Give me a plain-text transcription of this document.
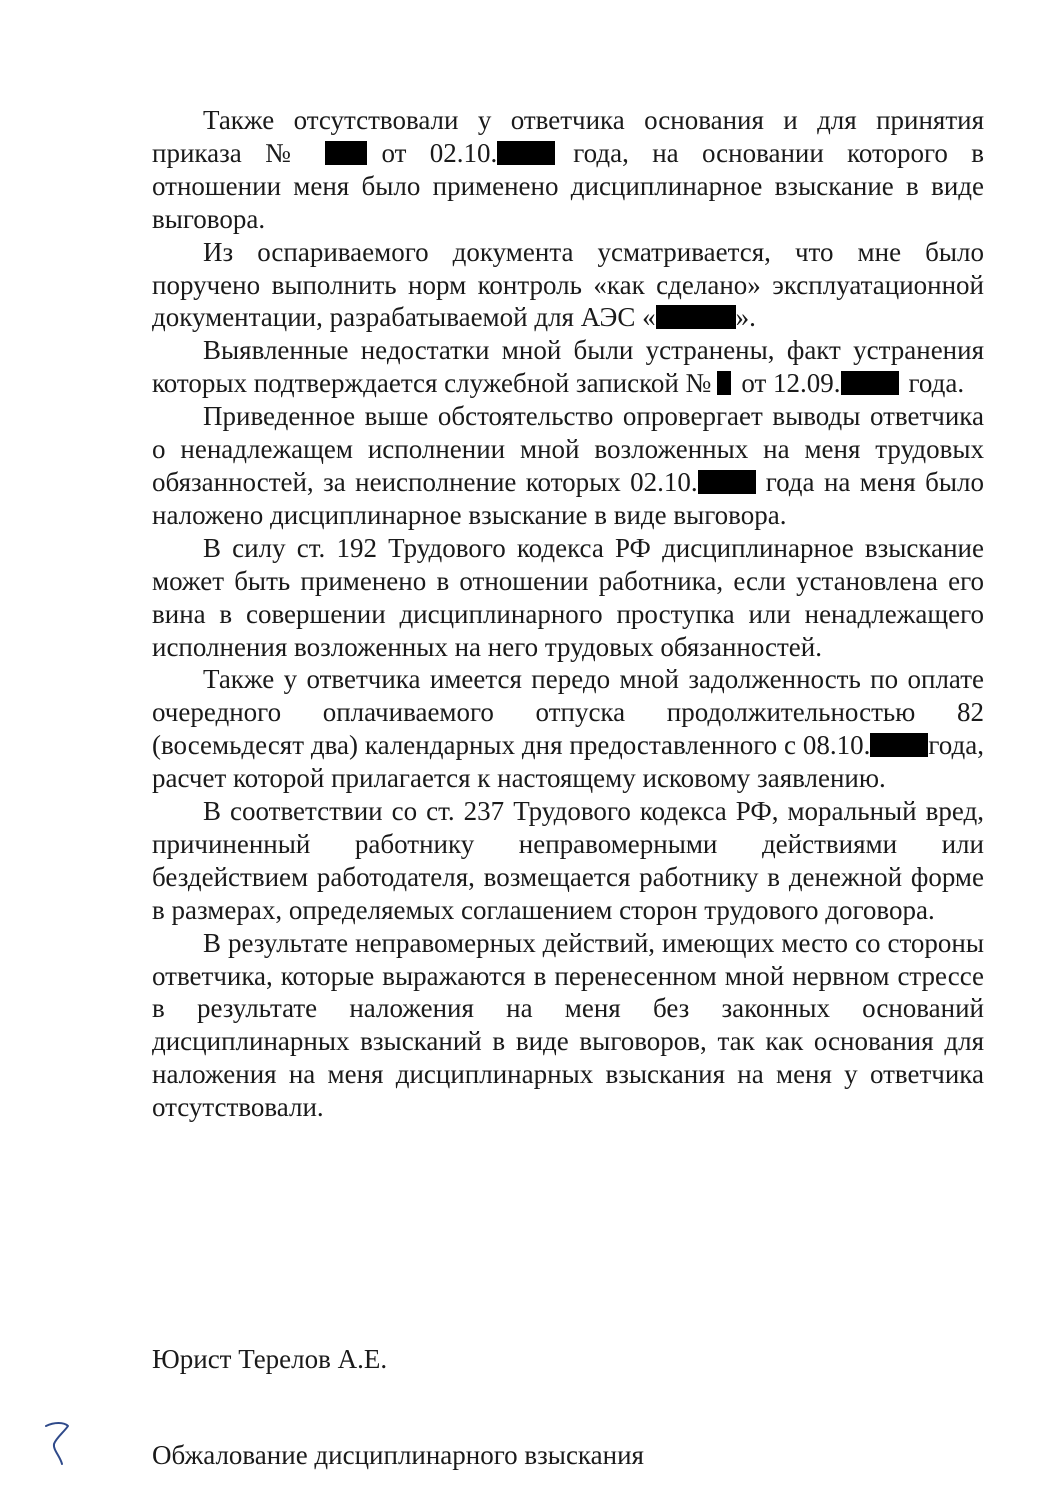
Также отсутствовали у ответчика основания и для принятия приказа №	от 02.10.	года, на основании которого в отношении меня было применено дисциплинарное взыскание в виде выговора.

Из оспариваемого документа усматривается, что мне было поручено выполнить норм контроль «как сделано» эксплуатационной документации, разрабатываемой для АЭС «	».

Выявленные недостатки мной были устранены, факт устранения которых подтверждается служебной запиской № от 12.09.	года.

Приведенное выше обстоятельство опровергает выводы ответчика о ненадлежащем исполнении мной возложенных на меня трудовых обязанностей, за неисполнение которых 02.10.	года на меня было наложено дисциплинарное взыскание в виде выговора.

В силу ст. 192 Трудового кодекса РФ дисциплинарное взыскание может быть применено в отношении работника, если установлена его вина в совершении дисциплинарного проступка или ненадлежащего исполнения возложенных на него трудовых обязанностей.

Также у ответчика имеется передо мной задолженность по оплате очередного оплачиваемого отпуска продолжительностью 82 (восемьдесят два) календарных дня предоставленного с 08.10. года, расчет которой прилагается к настоящему исковому заявлению.

В соответствии со ст. 237 Трудового кодекса РФ, моральный вред, причиненный работнику неправомерными действиями или бездействием работодателя, возмещается работнику в денежной форме в размерах, определяемых соглашением сторон трудового договора.

В результате неправомерных действий, имеющих место со стороны ответчика, которые выражаются в перенесенном мной нервном стрессе в результате наложения на меня без законных оснований дисциплинарных взысканий в виде выговоров, так как основания для наложения на меня дисциплинарных взыскания на меня у ответчика отсутствовали.

Юрист Терелов А.Е.

Обжалование дисциплинарного взыскания
